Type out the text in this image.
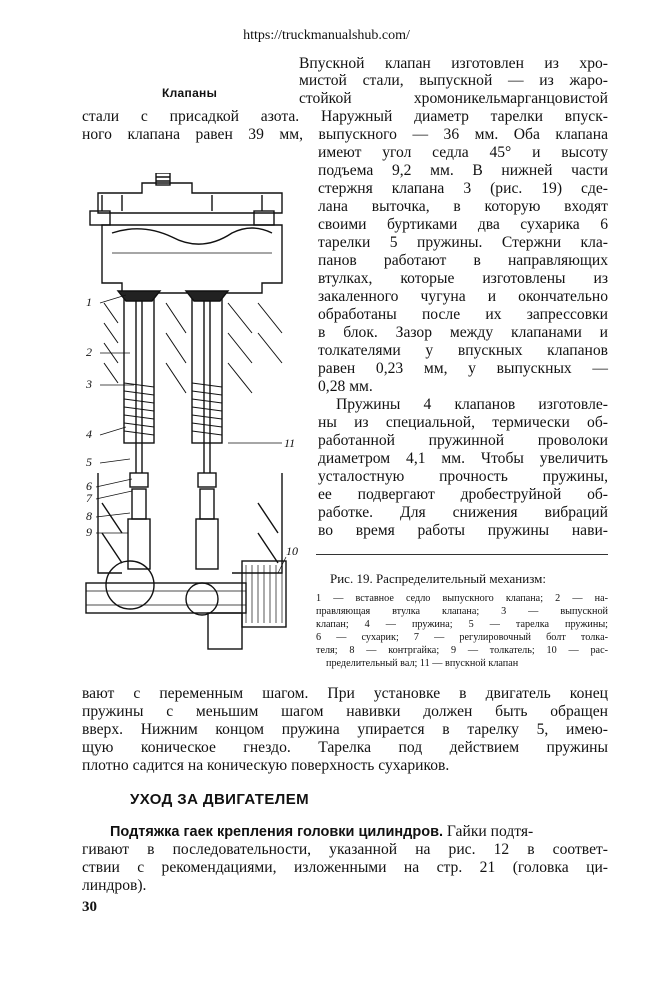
https://truckmanualshub.com/
Клапаны
Впускной клапан изготовлен из хро-
мистой стали, выпускной — из жаро-
стойкой хромоникельмарганцовистой
стали с присадкой азота. Наружный диаметр тарелки впуск-
ного клапана равен 39 мм, выпускного — 36 мм. Оба клапана
имеют угол седла 45° и высоту
подъема 9,2 мм. В нижней части
стержня клапана 3 (рис. 19) сде-
лана выточка, в которую входят
своими буртиками два сухарика 6
тарелки 5 пружины. Стержни кла-
панов работают в направляющих
втулках, которые изготовлены из
закаленного чугуна и окончательно
обработаны после их запрессовки
в блок. Зазор между клапанами и
толкателями у впускных клапанов
равен 0,23 мм, у выпускных —
0,28 мм.
Пружины 4 клапанов изготовле-
ны из специальной, термически об-
работанной пружинной проволоки
диаметром 4,1 мм. Чтобы увеличить
усталостную прочность пружины,
ее подвергают дробеструйной об-
работке. Для снижения вибраций
во время работы пружины нави-
1
2
3
4
5
6
7
8
9
10
11
Рис. 19. Распределительный механизм:
1 — вставное седло выпускного клапана; 2 — на-
правляющая втулка клапана; 3 — выпускной
клапан; 4 — пружина; 5 — тарелка пружины;
6 — сухарик; 7 — регулировочный болт толка-
теля; 8 — контргайка; 9 — толкатель; 10 — рас-
пределительный вал; 11 — впускной клапан
вают с переменным шагом. При установке в двигатель конец
пружины с меньшим шагом навивки должен быть обращен
вверх. Нижним концом пружина упирается в тарелку 5, имею-
щую коническое гнездо. Тарелка под действием пружины
плотно садится на коническую поверхность сухариков.
УХОД ЗА ДВИГАТЕЛЕМ
Подтяжка гаек крепления головки цилиндров. Гайки подтя-
гивают в последовательности, указанной на рис. 12 в соответ-
ствии с рекомендациями, изложенными на стр. 21 (головка ци-
линдров).
30
